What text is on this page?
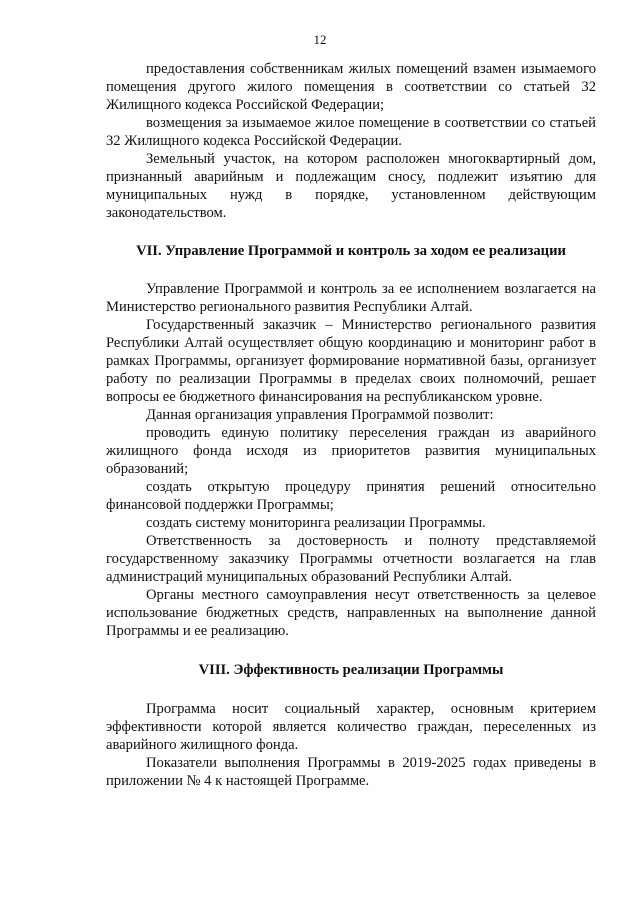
12

предоставления собственникам жилых помещений взамен изымаемого помещения другого жилого помещения в соответствии со статьей 32 Жилищного кодекса Российской Федерации;

возмещения за изымаемое жилое помещение в соответствии со статьей 32 Жилищного кодекса Российской Федерации.

Земельный участок, на котором расположен многоквартирный дом, признанный аварийным и подлежащим сносу, подлежит изъятию для муниципальных нужд в порядке, установленном действующим законодательством.

VII. Управление Программой и контроль за ходом ее реализации

Управление Программой и контроль за ее исполнением возлагается на Министерство регионального развития Республики Алтай.

Государственный заказчик – Министерство регионального развития Республики Алтай осуществляет общую координацию и мониторинг работ в рамках Программы, организует формированиe нормативной базы, организует работу по реализации Программы в пределах своих полномочий, решает вопросы ее бюджетного финансирования на республиканском уровне.

Данная организация управления Программой позволит:

проводить единую политику переселения граждан из аварийного жилищного фонда исходя из приоритетов развития муниципальных образований;

создать открытую процедуру принятия решений относительно финансовой поддержки Программы;

создать систему мониторинга реализации Программы.

Ответственность за достоверность и полноту представляемой государственному заказчику Программы отчетности возлагается на глав администраций муниципальных образований Республики Алтай.

Органы местного самоуправления несут ответственность за целевое использование бюджетных средств, направленных на выполнение данной Программы и ее реализацию.

VIII. Эффективность реализации Программы

Программа носит социальный характер, основным критерием эффективности которой является количество граждан, переселенных из аварийного жилищного фонда.

Показатели выполнения Программы в 2019-2025 годах приведены в приложении № 4 к настоящей Программе.
